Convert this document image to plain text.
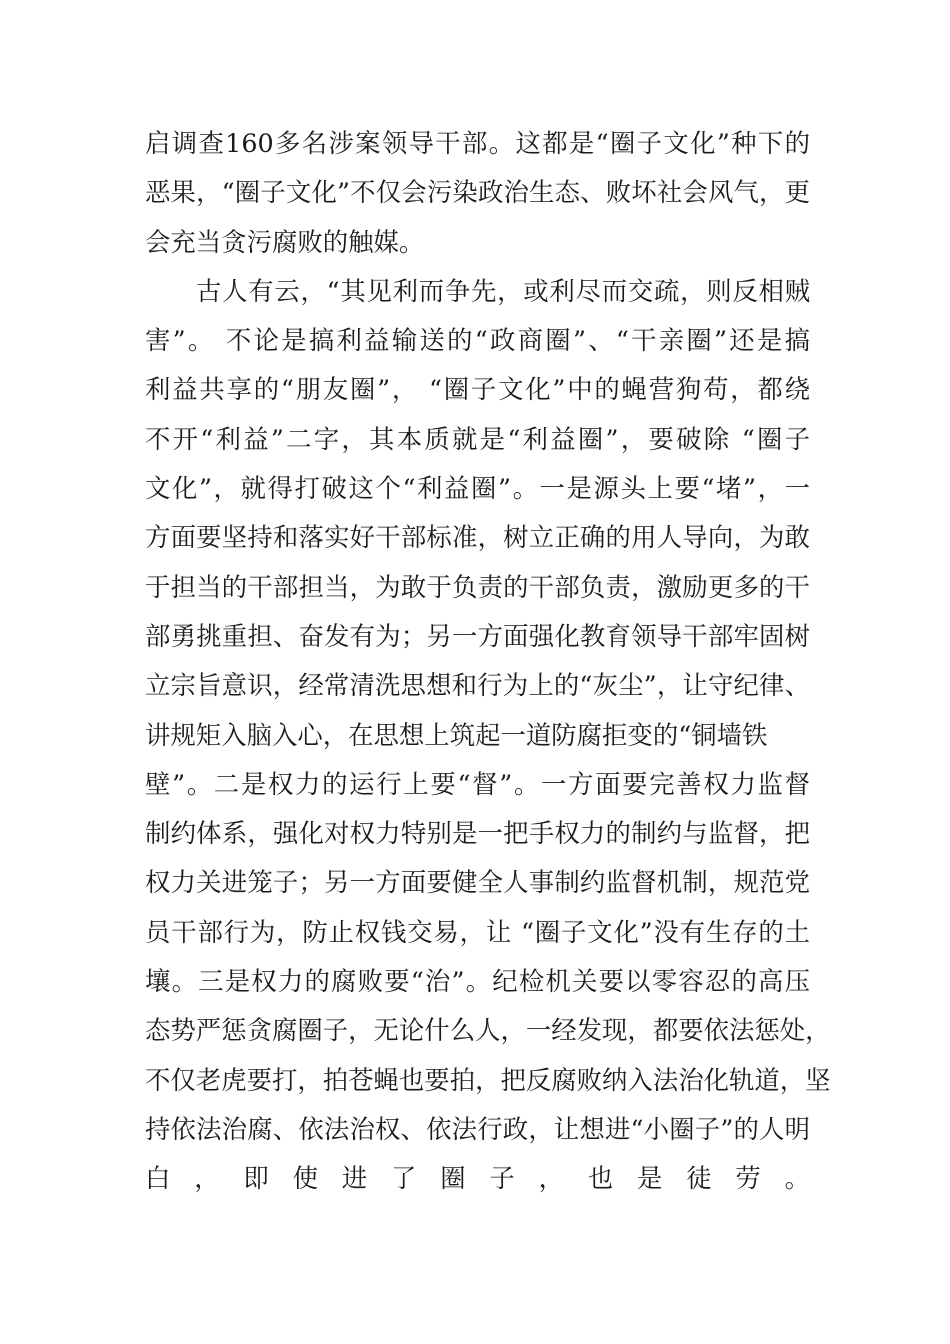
启调查160多名涉案领导干部。这都是“圈子文化”种下的
恶果，“圈子文化”不仅会污染政治生态、败坏社会风气，更
会充当贪污腐败的触媒。
古人有云，“其见利而争先，或利尽而交疏，则反相贼
害”。 不论是搞利益输送的“政商圈”、“干亲圈”还是搞
利益共享的“朋友圈”， “圈子文化”中的蝇营狗苟，都绕
不开“利益”二字，其本质就是“利益圈”，要破除 “圈子
文化”，就得打破这个“利益圈”。一是源头上要“堵”，一
方面要坚持和落实好干部标准，树立正确的用人导向，为敢
于担当的干部担当，为敢于负责的干部负责，激励更多的干
部勇挑重担、奋发有为；另一方面强化教育领导干部牢固树
立宗旨意识，经常清洗思想和行为上的“灰尘”，让守纪律、
讲规矩入脑入心，在思想上筑起一道防腐拒变的“铜墙铁
壁”。二是权力的运行上要“督”。一方面要完善权力监督
制约体系，强化对权力特别是一把手权力的制约与监督，把
权力关进笼子；另一方面要健全人事制约监督机制，规范党
员干部行为，防止权钱交易，让 “圈子文化”没有生存的土
壤。三是权力的腐败要“治”。纪检机关要以零容忍的高压
态势严惩贪腐圈子，无论什么人，一经发现，都要依法惩处，
不仅老虎要打，拍苍蝇也要拍，把反腐败纳入法治化轨道，坚
持依法治腐、依法治权、依法行政，让想进“小圈子”的人明
白，即使进了圈子，也是徒劳。
